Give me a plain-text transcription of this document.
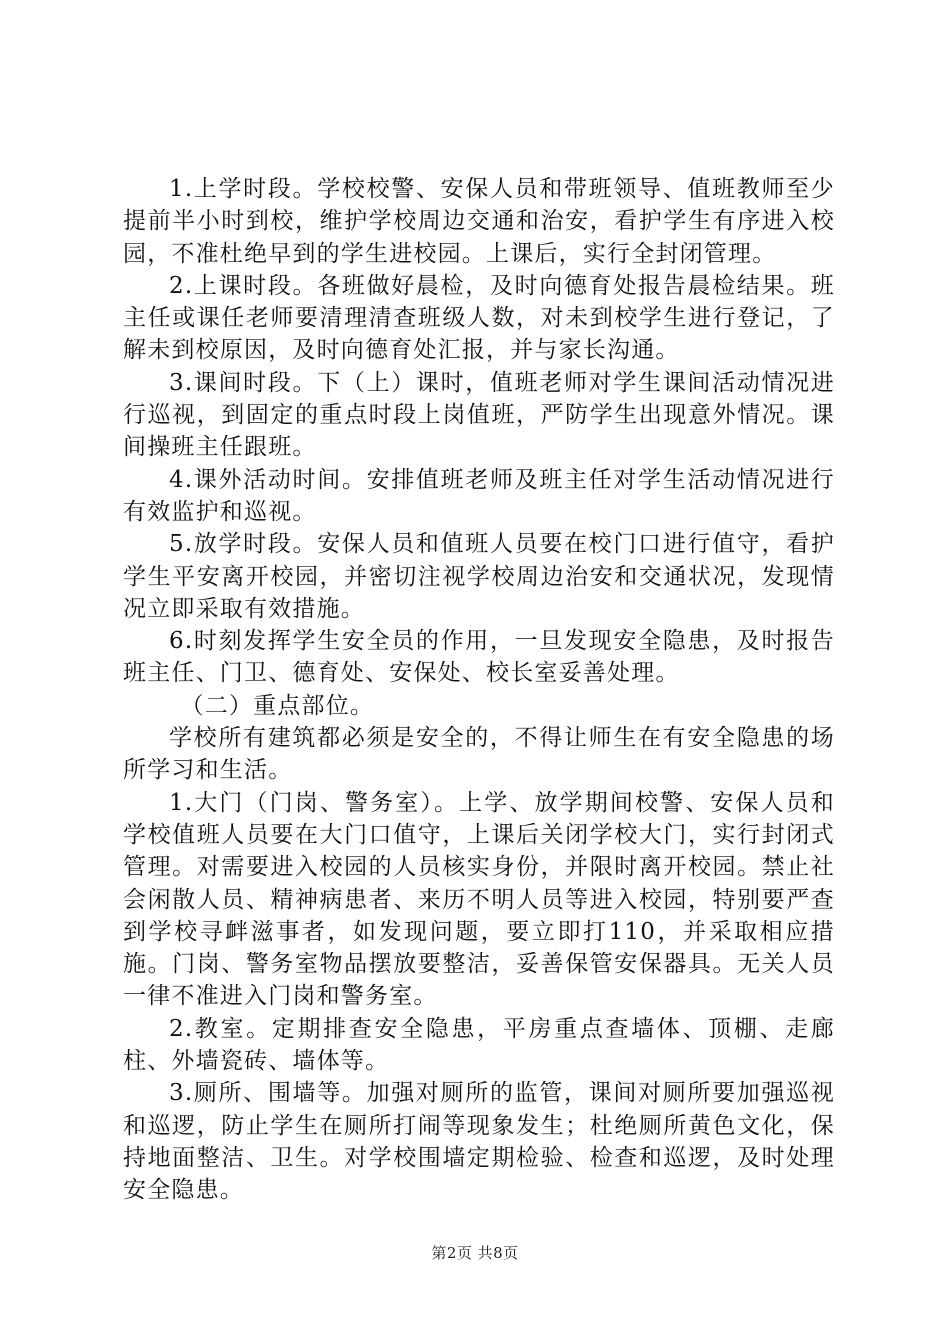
1.上学时段。学校校警、安保人员和带班领导、值班教师至少提前半小时到校，维护学校周边交通和治安，看护学生有序进入校园，不准杜绝早到的学生进校园。上课后，实行全封闭管理。

2.上课时段。各班做好晨检，及时向德育处报告晨检结果。班主任或课任老师要清理清查班级人数，对未到校学生进行登记，了解未到校原因，及时向德育处汇报，并与家长沟通。

3.课间时段。下（上）课时，值班老师对学生课间活动情况进行巡视，到固定的重点时段上岗值班，严防学生出现意外情况。课间操班主任跟班。

4.课外活动时间。安排值班老师及班主任对学生活动情况进行有效监护和巡视。

5.放学时段。安保人员和值班人员要在校门口进行值守，看护学生平安离开校园，并密切注视学校周边治安和交通状况，发现情况立即采取有效措施。

6.时刻发挥学生安全员的作用，一旦发现安全隐患，及时报告班主任、门卫、德育处、安保处、校长室妥善处理。

（二）重点部位。

学校所有建筑都必须是安全的，不得让师生在有安全隐患的场所学习和生活。

1.大门（门岗、警务室）。上学、放学期间校警、安保人员和学校值班人员要在大门口值守，上课后关闭学校大门，实行封闭式管理。对需要进入校园的人员核实身份，并限时离开校园。禁止社会闲散人员、精神病患者、来历不明人员等进入校园，特别要严查到学校寻衅滋事者，如发现问题，要立即打110，并采取相应措施。门岗、警务室物品摆放要整洁，妥善保管安保器具。无关人员一律不准进入门岗和警务室。

2.教室。定期排查安全隐患，平房重点查墙体、顶棚、走廊柱、外墙瓷砖、墙体等。

3.厕所、围墙等。加强对厕所的监管，课间对厕所要加强巡视和巡逻，防止学生在厕所打闹等现象发生；杜绝厕所黄色文化，保持地面整洁、卫生。对学校围墙定期检验、检查和巡逻，及时处理安全隐患。

第2页 共8页
